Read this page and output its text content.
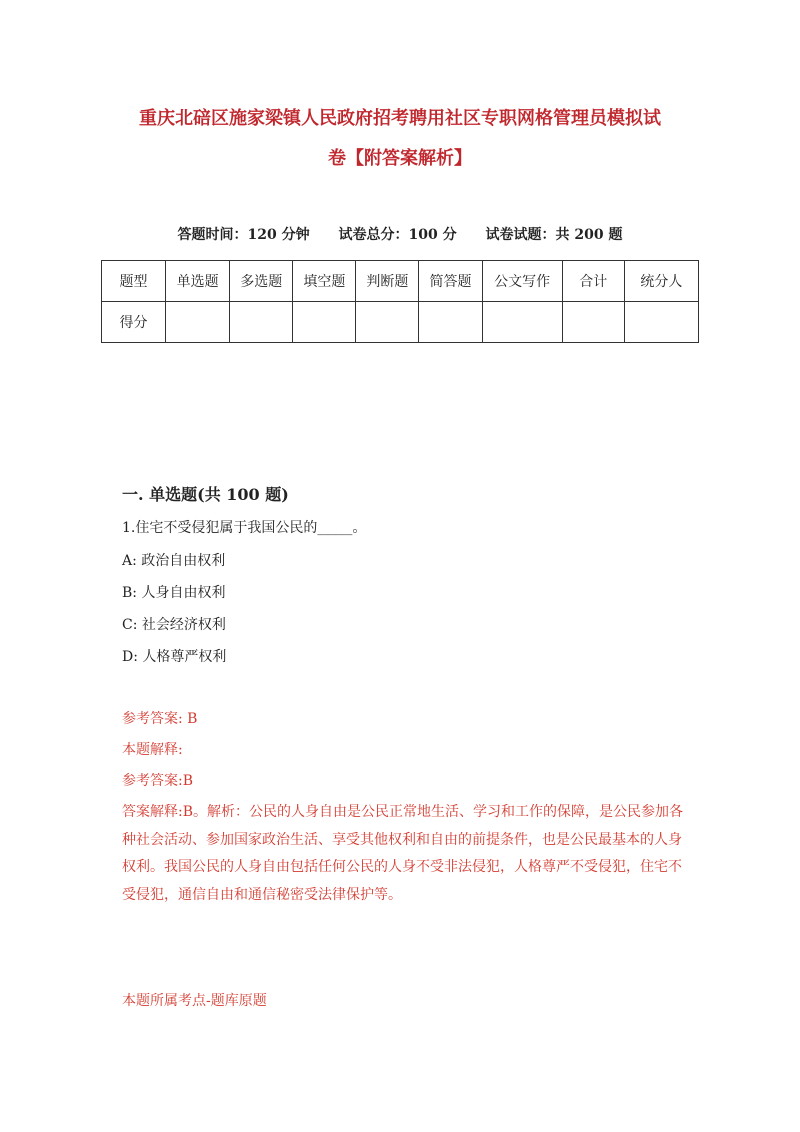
重庆北碚区施家梁镇人民政府招考聘用社区专职网格管理员模拟试
卷【附答案解析】
答题时间：120 分钟 试卷总分：100 分 试卷试题：共 200 题
题型	单选题	多选题	填空题	判断题	简答题	公文写作	合计	统分人
得分								
一. 单选题(共 100 题)
1.住宅不受侵犯属于我国公民的_____。
A: 政治自由权利
B: 人身自由权利
C: 社会经济权利
D: 人格尊严权利
参考答案: B
本题解释:
参考答案:B

答案解释:B。解析：公民的人身自由是公民正常地生活、学习和工作的保障，是公民参加各种社会活动、参加国家政治生活、享受其他权利和自由的前提条件，也是公民最基本的人身权利。我国公民的人身自由包括任何公民的人身不受非法侵犯，人格尊严不受侵犯，住宅不受侵犯，通信自由和通信秘密受法律保护等。

本题所属考点-题库原题
